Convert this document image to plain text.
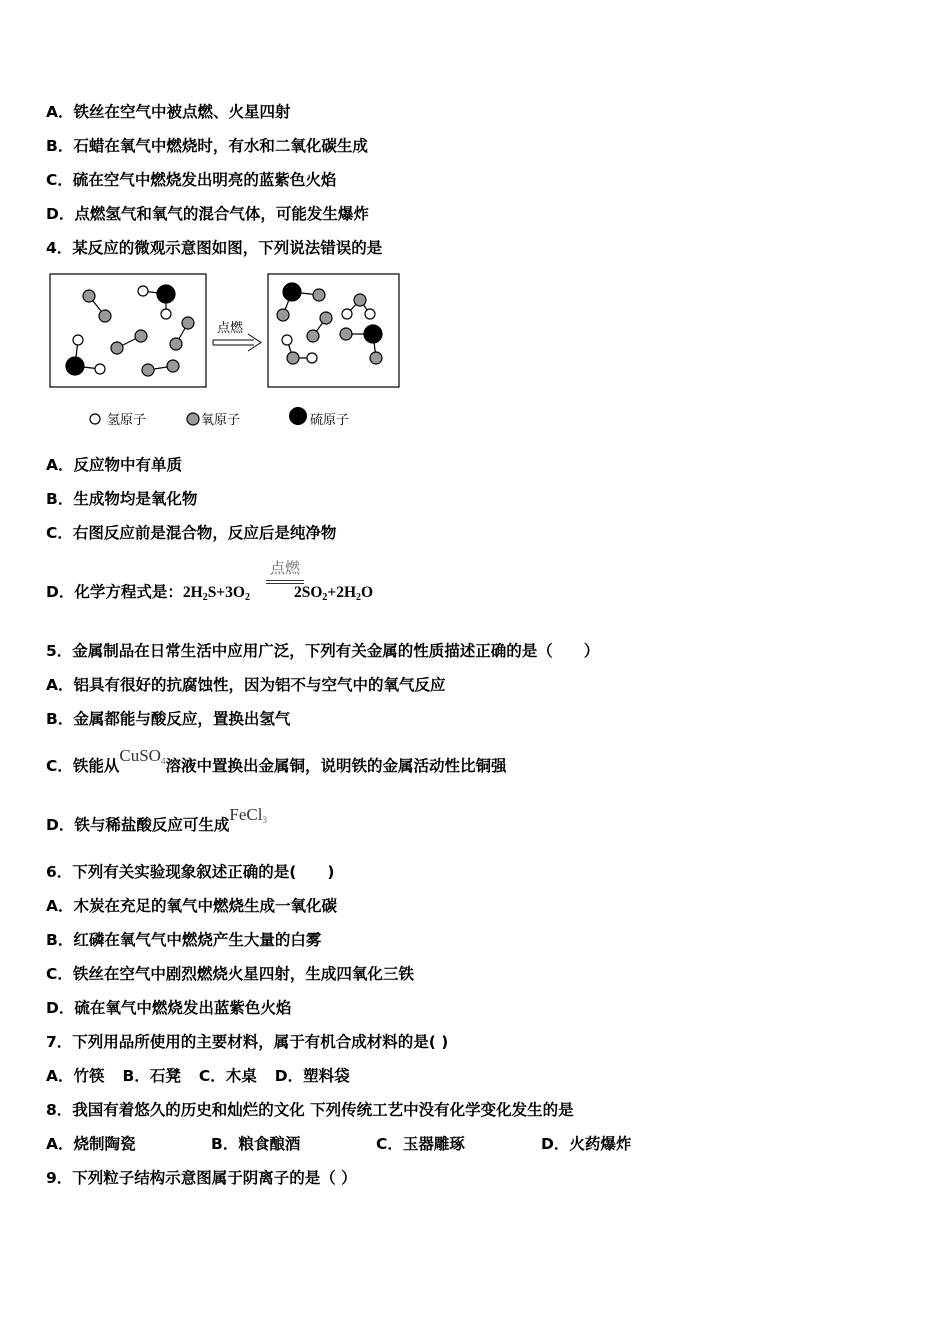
A．铁丝在空气中被点燃、火星四射
B．石蜡在氧气中燃烧时，有水和二氧化碳生成
C．硫在空气中燃烧发出明亮的蓝紫色火焰
D．点燃氢气和氧气的混合气体，可能发生爆炸
4．某反应的微观示意图如图，下列说法错误的是
点燃
氢原子	氧原子	硫原子
A．反应物中有单质
B．生成物均是氧化物
C．右图反应前是混合物，反应后是纯净物
点燃
D．化学方程式是：$2H_2S+3O_2$	$2SO_2+2H_2O$
5．金属制品在日常生活中应用广泛，下列有关金属的性质描述正确的是（　　）
A．铝具有很好的抗腐蚀性，因为铝不与空气中的氧气反应
B．金属都能与酸反应，置换出氢气
C．铁能从CuSO$_4$溶液中置换出金属铜，说明铁的金属活动性比铜强
D．铁与稀盐酸反应可生成FeCl$_3$
6．下列有关实验现象叙述正确的是(　　)
A．木炭在充足的氧气中燃烧生成一氧化碳
B．红磷在氧气气中燃烧产生大量的白雾
C．铁丝在空气中剧烈燃烧火星四射，生成四氧化三铁
D．硫在氧气中燃烧发出蓝紫色火焰
7．下列用品所使用的主要材料，属于有机合成材料的是( )
A．竹筷 B．石凳 C．木桌 D．塑料袋
8．我国有着悠久的历史和灿烂的文化 下列传统工艺中没有化学变化发生的是
A．烧制陶瓷	B．粮食酿酒	C．玉器雕琢	D．火药爆炸
9．下列粒子结构示意图属于阴离子的是（ ）
